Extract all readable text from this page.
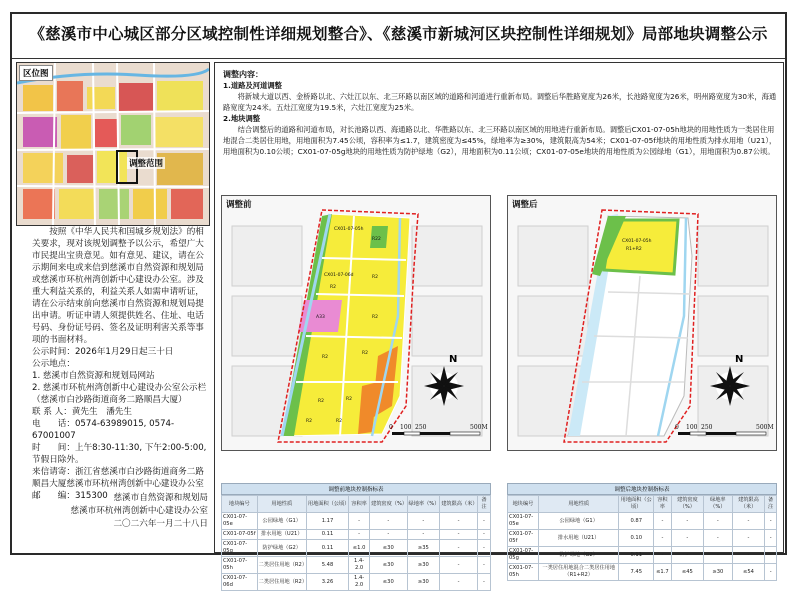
《慈溪市中心城区部分区域控制性详细规划整合》、《慈溪市新城河区块控制性详细规划》局部地块调整公示
区位图
调整范围

按照《中华人民共和国城乡规划法》的相关要求，现对该规划调整予以公示，希望广大市民提出宝贵意见。如有意见、建议，请在公示期间来电或来信到慈溪市自然资源和规划局或慈溪市环杭州湾创新中心建设办公室。涉及重大利益关系的，利益关系人如需申请听证，请在公示结束前向慈溪市自然资源和规划局提出申请。听证申请人须提供姓名、住址、电话号码、身份证号码、签名及证明利害关系等事项的书面材料。

公示时间：2026年1月29日起三十日

公示地点：

1. 慈溪市自然资源和规划局网站

2. 慈溪市环杭州湾创新中心建设办公室公示栏（慈溪市白沙路街道商务二路顺昌大厦）

联 系 人：黄先生　潘先生

电　　话：0574-63989015, 0574-67001007

时　　间：上午8:30-11:30, 下午2:00-5:00, 节假日除外。

来信请寄：浙江省慈溪市白沙路街道商务二路顺昌大厦慈溪市环杭州湾创新中心建设办公室

邮　　编：315300 慈溪市自然资源和规划局
慈溪市环杭州湾创新中心建设办公室
二〇二六年一月二十八日

调整内容：

1.道路及河道调整

将新城大道以西、金桥路以北、六灶江以东、北三环路以南区域的道路和河道进行重新布局。调整后华胜路宽度为26米，长池路宽度为26米，明州路宽度为30米，海通路宽度为24米。五灶江宽度为19.5米，六灶江宽度为25米。

2.地块调整

结合调整后的道路和河道布局，对长池路以西、海通路以北、华胜路以东、北三环路以南区域的用地进行重新布局。调整后CX01-07-05h地块的用地性质为一类居住用地混合二类居住用地，用地面积为7.45公顷，容积率为≤1.7，建筑密度为≤45%，绿地率为≥30%，建筑限高为54米；CX01-07-05f地块的用地性质为排水用地（U21），用地面积为0.10公顷；CX01-07-05g地块的用地性质为防护绿地（G2），用地面积为0.11公顷；CX01-07-05e地块的用地性质为公园绿地（G1），用地面积为0.87公顷。

调整前
CX01-07-05h
R22
CX01-07-06d	R2
R2
R2
A33
R2
R2
R2	R2
R2	R2
N
0 100 250	500M
调整后
CX01-07-05h
R1+R2
N
0 100 250	500M
调整前地块控制指标表
地块编号	用地性质	用地面积（公顷）	容积率	建筑密度（%）	绿地率（%）	建筑限高（米）	备注
CX01-07-05e	公园绿地（G1）	1.17	-	-	-	-	-
CX01-07-05f	排水用地（U21）	0.11	-	-	-	-	-
CX01-07-05g	防护绿地（G2）	0.11	≤1.0	≤30	≥35	-	-
CX01-07-05h	二类居住用地（R2）	5.48	1.4-2.0	≤30	≥30	-	-
CX01-07-06d	二类居住用地（R2）	3.26	1.4-2.0	≤30	≥30	-	-
调整后地块控制指标表
地块编号	用地性质	用地面积（公顷）	容积率	建筑密度（%）	绿地率（%）	建筑限高（米）	备注
CX01-07-05e	公园绿地（G1）	0.87	-	-	-	-	-
CX01-07-05f	排水用地（U21）	0.10	-	-	-	-	-
CX01-07-05g	防护绿地（G2）	0.11	-	-	-	-	-
CX01-07-05h	一类居住用地混合二类居住用地（R1+R2）	7.45	≤1.7	≤45	≥30	≤54	-
